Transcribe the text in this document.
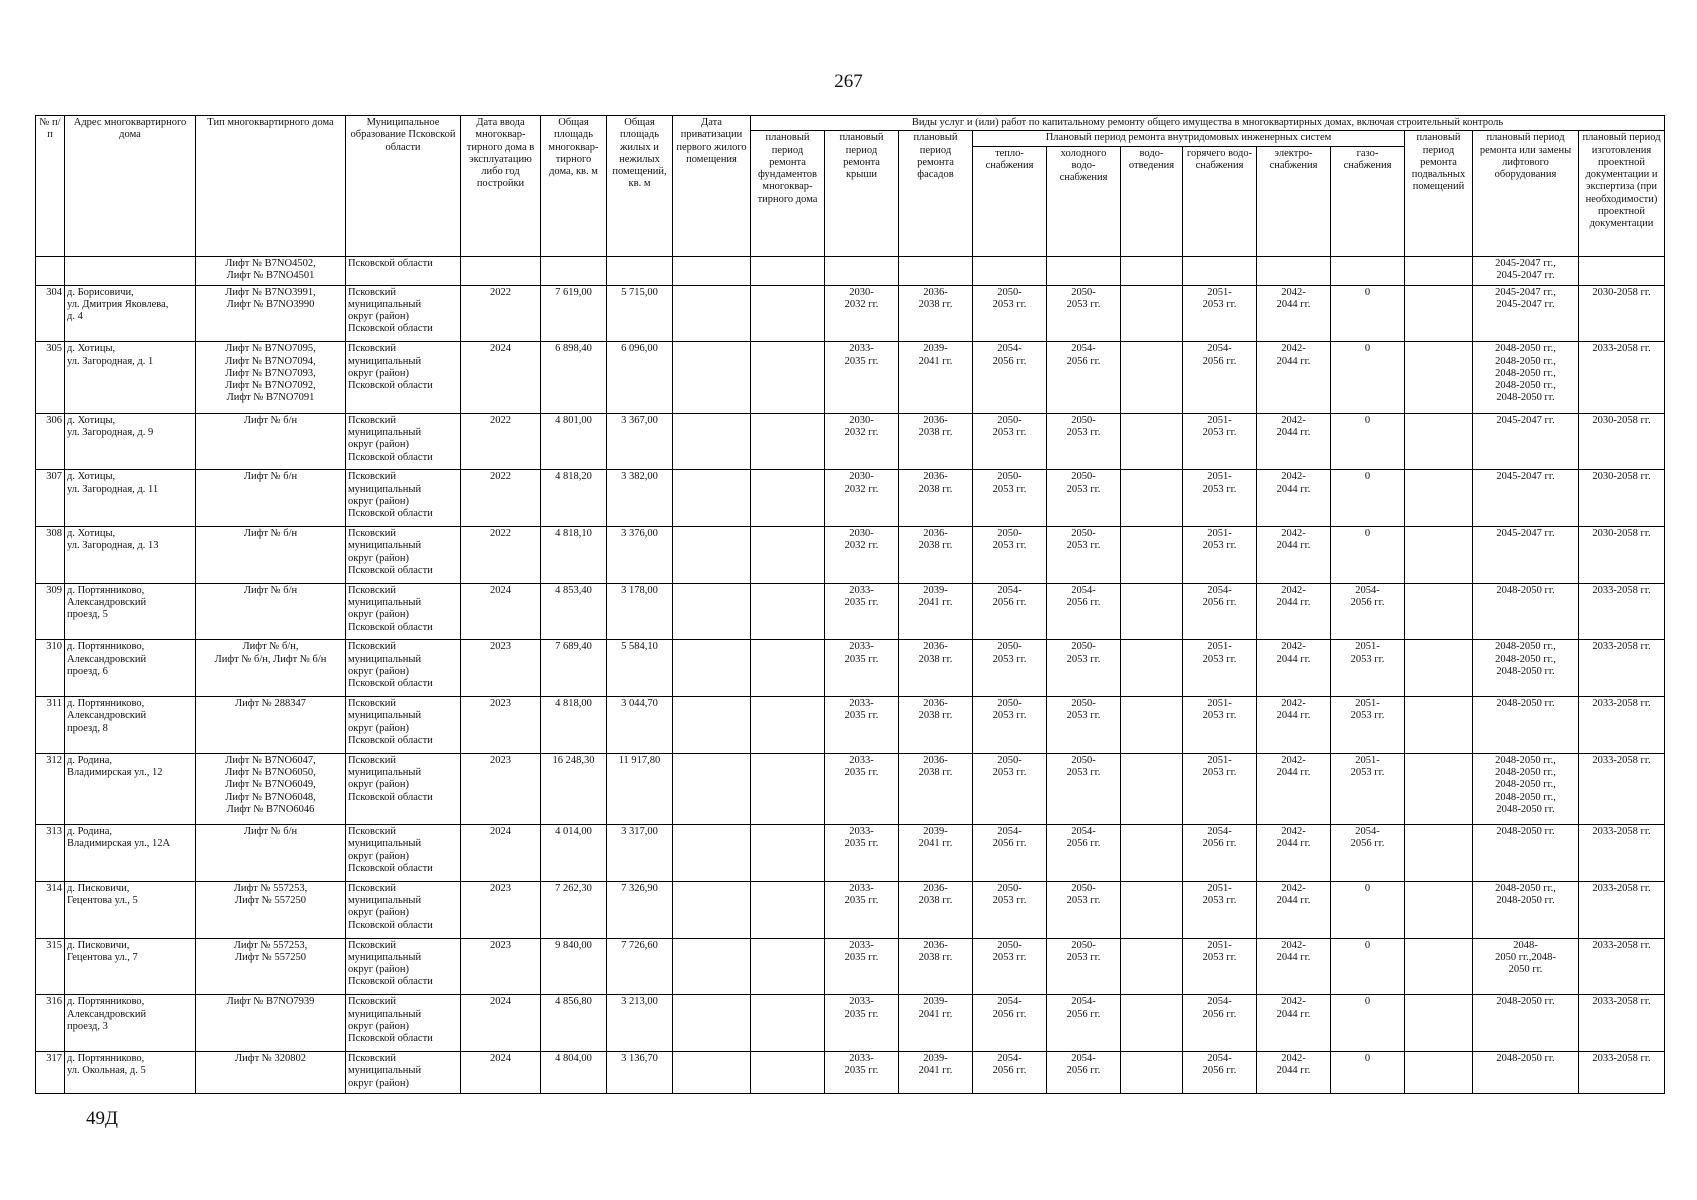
267
№ п/п	Адрес многоквартирного дома	Тип многоквартирного дома	Муниципальное образование Псковской области	Дата ввода многоквар-тирного дома в эксплуатацию либо год постройки	Общая площадь многоквар-тирного дома, кв. м	Общая площадь жилых и нежилых помещений, кв. м	Дата приватизации первого жилого помещения	Виды услуг и (или) работ по капитальному ремонту общего имущества в многоквартирных домах, включая строительный контроль											
								плановый период ремонта фундаментов многоквар-тирного дома	плановый период ремонта крыши	плановый период ремонта фасадов	Плановый период ремонта внутридомовых инженерных систем						плановый период ремонта подвальных помещений	плановый период ремонта или замены лифтового оборудования	плановый период изготовления проектной документации и экспертиза (при необходимости) проектной документации
											тепло-снабжения	холодного водо-снабжения	водо-отведения	горячего водо-снабжения	электро-снабжения	газо-снабжения			
		Лифт № B7NO4502,
Лифт № B7NO4501	Псковской области															2045-2047 гг.,
2045-2047 гг.	
304	д. Борисовичи,
ул. Дмитрия Яковлева,
д. 4	Лифт № B7NO3991,
Лифт № B7NO3990	Псковский
муниципальный
округ (район)
Псковской области	2022	7 619,00	5 715,00			2030-
2032 гг.	2036-
2038 гг.	2050-
2053 гг.	2050-
2053 гг.		2051-
2053 гг.	2042-
2044 гг.	0		2045-2047 гг.,
2045-2047 гг.	2030-2058 гг.
305	д. Хотицы,
ул. Загородная, д. 1	Лифт № B7NO7095,
Лифт № B7NO7094,
Лифт № B7NO7093,
Лифт № B7NO7092,
Лифт № B7NO7091	Псковский
муниципальный
округ (район)
Псковской области	2024	6 898,40	6 096,00			2033-
2035 гг.	2039-
2041 гг.	2054-
2056 гг.	2054-
2056 гг.		2054-
2056 гг.	2042-
2044 гг.	0		2048-2050 гг.,
2048-2050 гг.,
2048-2050 гг.,
2048-2050 гг.,
2048-2050 гг.	2033-2058 гг.
306	д. Хотицы,
ул. Загородная, д. 9	Лифт № б/н	Псковский
муниципальный
округ (район)
Псковской области	2022	4 801,00	3 367,00			2030-
2032 гг.	2036-
2038 гг.	2050-
2053 гг.	2050-
2053 гг.		2051-
2053 гг.	2042-
2044 гг.	0		2045-2047 гг.	2030-2058 гг.
307	д. Хотицы,
ул. Загородная, д. 11	Лифт № б/н	Псковский
муниципальный
округ (район)
Псковской области	2022	4 818,20	3 382,00			2030-
2032 гг.	2036-
2038 гг.	2050-
2053 гг.	2050-
2053 гг.		2051-
2053 гг.	2042-
2044 гг.	0		2045-2047 гг.	2030-2058 гг.
308	д. Хотицы,
ул. Загородная, д. 13	Лифт № б/н	Псковский
муниципальный
округ (район)
Псковской области	2022	4 818,10	3 376,00			2030-
2032 гг.	2036-
2038 гг.	2050-
2053 гг.	2050-
2053 гг.		2051-
2053 гг.	2042-
2044 гг.	0		2045-2047 гг.	2030-2058 гг.
309	д. Портянниково,
Александровский
проезд, 5	Лифт № б/н	Псковский
муниципальный
округ (район)
Псковской области	2024	4 853,40	3 178,00			2033-
2035 гг.	2039-
2041 гг.	2054-
2056 гг.	2054-
2056 гг.		2054-
2056 гг.	2042-
2044 гг.	2054-
2056 гг.		2048-2050 гг.	2033-2058 гг.
310	д. Портянниково,
Александровский
проезд, 6	Лифт № б/н,
Лифт № б/н, Лифт № б/н	Псковский
муниципальный
округ (район)
Псковской области	2023	7 689,40	5 584,10			2033-
2035 гг.	2036-
2038 гг.	2050-
2053 гг.	2050-
2053 гг.		2051-
2053 гг.	2042-
2044 гг.	2051-
2053 гг.		2048-2050 гг.,
2048-2050 гг.,
2048-2050 гг.	2033-2058 гг.
311	д. Портянниково,
Александровский
проезд, 8	Лифт № 288347	Псковский
муниципальный
округ (район)
Псковской области	2023	4 818,00	3 044,70			2033-
2035 гг.	2036-
2038 гг.	2050-
2053 гг.	2050-
2053 гг.		2051-
2053 гг.	2042-
2044 гг.	2051-
2053 гг.		2048-2050 гг.	2033-2058 гг.
312	д. Родина,
Владимирская ул., 12	Лифт № B7NO6047,
Лифт № B7NO6050,
Лифт № B7NO6049,
Лифт № B7NO6048,
Лифт № B7NO6046	Псковский
муниципальный
округ (район)
Псковской области	2023	16 248,30	11 917,80			2033-
2035 гг.	2036-
2038 гг.	2050-
2053 гг.	2050-
2053 гг.		2051-
2053 гг.	2042-
2044 гг.	2051-
2053 гг.		2048-2050 гг.,
2048-2050 гг.,
2048-2050 гг.,
2048-2050 гг.,
2048-2050 гг.	2033-2058 гг.
313	д. Родина,
Владимирская ул., 12А	Лифт № б/н	Псковский
муниципальный
округ (район)
Псковской области	2024	4 014,00	3 317,00			2033-
2035 гг.	2039-
2041 гг.	2054-
2056 гг.	2054-
2056 гг.		2054-
2056 гг.	2042-
2044 гг.	2054-
2056 гг.		2048-2050 гг.	2033-2058 гг.
314	д. Писковичи,
Гецентова ул., 5	Лифт № 557253,
Лифт № 557250	Псковский
муниципальный
округ (район)
Псковской области	2023	7 262,30	7 326,90			2033-
2035 гг.	2036-
2038 гг.	2050-
2053 гг.	2050-
2053 гг.		2051-
2053 гг.	2042-
2044 гг.	0		2048-2050 гг.,
2048-2050 гг.	2033-2058 гг.
315	д. Писковичи,
Гецентова ул., 7	Лифт № 557253,
Лифт № 557250	Псковский
муниципальный
округ (район)
Псковской области	2023	9 840,00	7 726,60			2033-
2035 гг.	2036-
2038 гг.	2050-
2053 гг.	2050-
2053 гг.		2051-
2053 гг.	2042-
2044 гг.	0		2048-
2050 гг.,2048-
2050 гг.	2033-2058 гг.
316	д. Портянниково,
Александровский
проезд, 3	Лифт № B7NO7939	Псковский
муниципальный
округ (район)
Псковской области	2024	4 856,80	3 213,00			2033-
2035 гг.	2039-
2041 гг.	2054-
2056 гг.	2054-
2056 гг.		2054-
2056 гг.	2042-
2044 гг.	0		2048-2050 гг.	2033-2058 гг.
317	д. Портянниково,
ул. Окольная, д. 5	Лифт № 320802	Псковский
муниципальный
округ (район)	2024	4 804,00	3 136,70			2033-
2035 гг.	2039-
2041 гг.	2054-
2056 гг.	2054-
2056 гг.		2054-
2056 гг.	2042-
2044 гг.	0		2048-2050 гг.	2033-2058 гг.
49Д
